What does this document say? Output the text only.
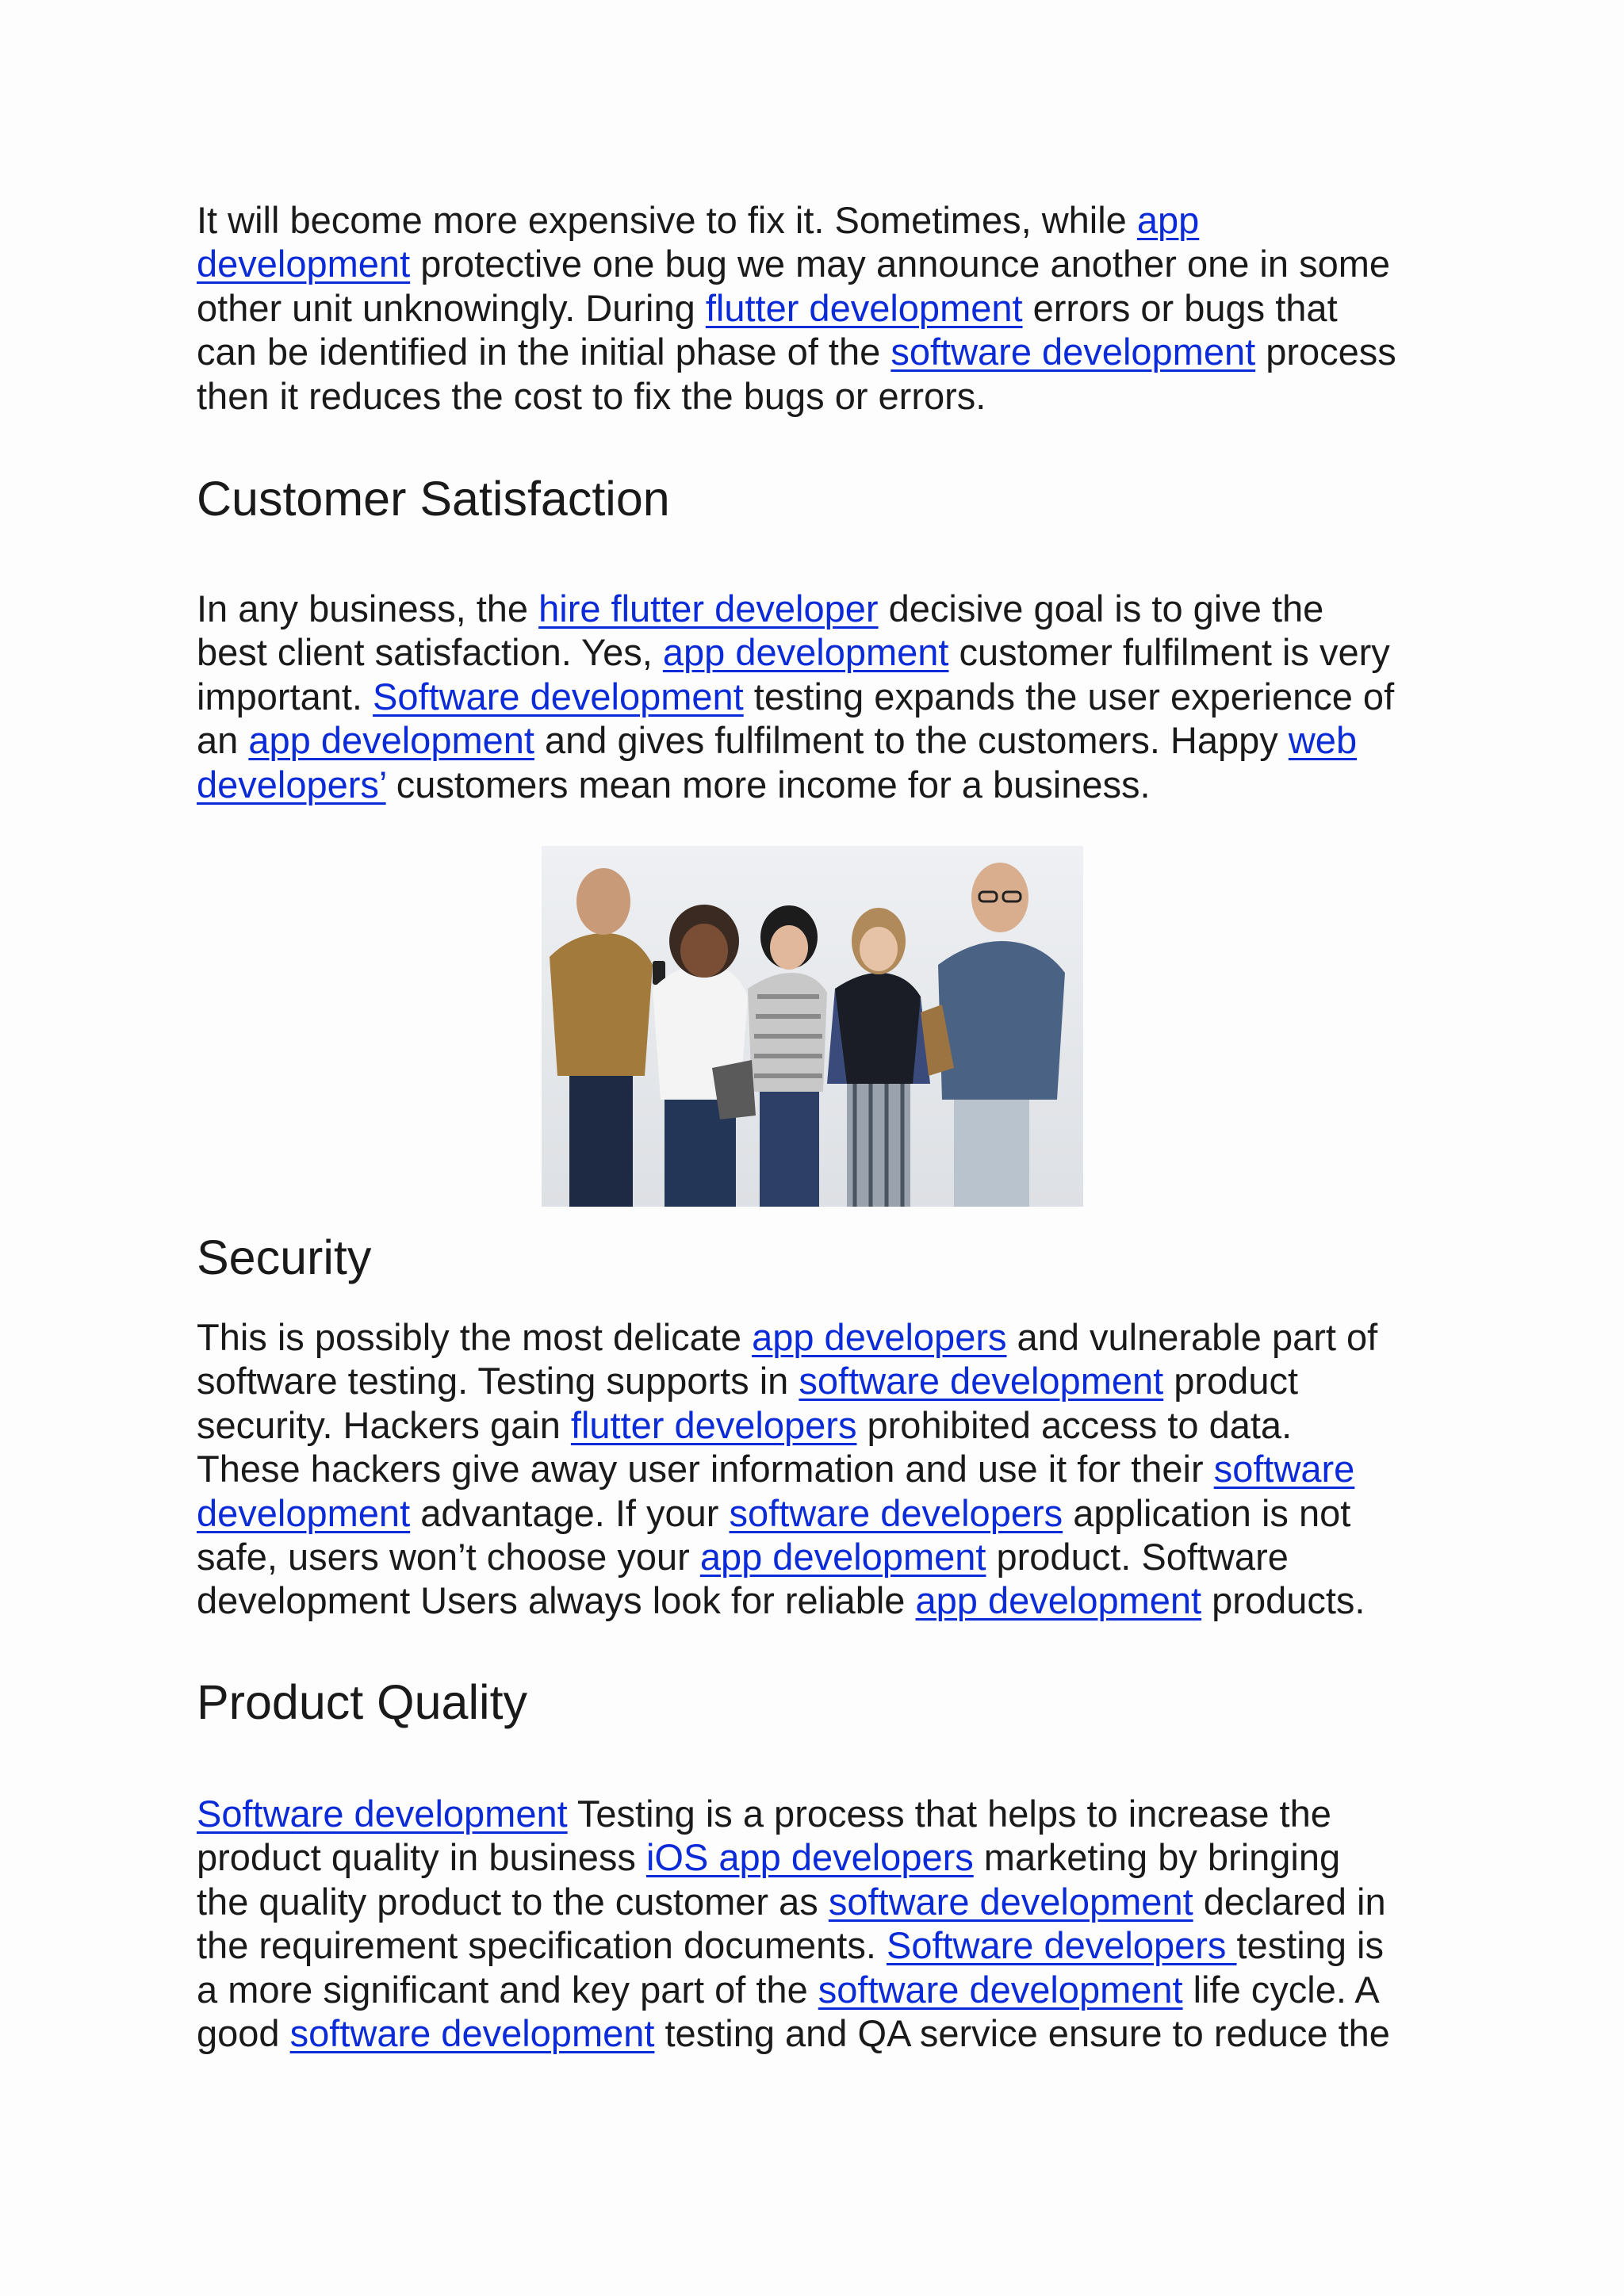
It will become more expensive to fix it. Sometimes, while app

development protective one bug we may announce another one in some

other unit unknowingly. During flutter development errors or bugs that

can be identified in the initial phase of the software development process

then it reduces the cost to fix the bugs or errors.

Customer Satisfaction

In any business, the hire flutter developer decisive goal is to give the

best client satisfaction. Yes, app development customer fulfilment is very

important. Software development testing expands the user experience of

an app development and gives fulfilment to the customers. Happy web

developers’ customers mean more income for a business.

Security

This is possibly the most delicate app developers and vulnerable part of

software testing. Testing supports in software development product

security. Hackers gain flutter developers prohibited access to data.

These hackers give away user information and use it for their software

development advantage. If your software developers application is not

safe, users won’t choose your app development product. Software

development Users always look for reliable app development products.

Product Quality

Software development Testing is a process that helps to increase the

product quality in business iOS app developers marketing by bringing

the quality product to the customer as software development declared in

the requirement specification documents. Software developers testing is

a more significant and key part of the software development life cycle. A

good software development testing and QA service ensure to reduce the
